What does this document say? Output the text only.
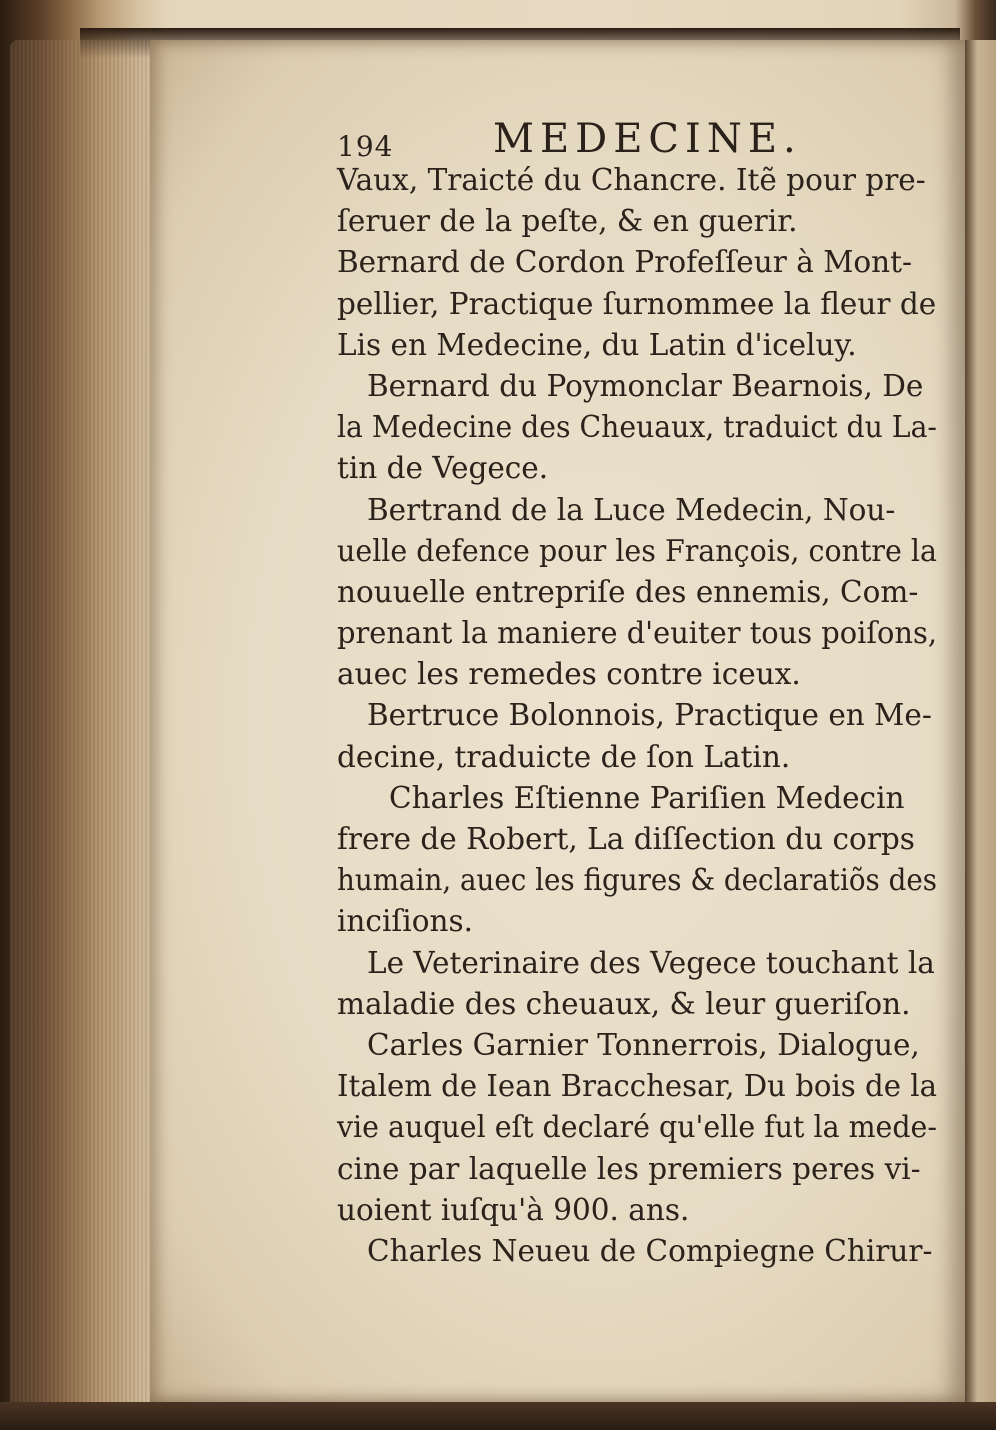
194 MEDECINE.
Vaux, Traicté du Chancre. Itẽ pour pre-
ſeruer de la peſte, & en guerir.
Bernard de Cordon Profeſſeur à Mont-
pellier, Practique ſurnommee la fleur de
Lis en Medecine, du Latin d'iceluy.
Bernard du Poymonclar Bearnois, De
la Medecine des Cheuaux, traduict du La-
tin de Vegece.
Bertrand de la Luce Medecin, Nou-
uelle defence pour les François, contre la
nouuelle entrepriſe des ennemis, Com-
prenant la maniere d'euiter tous poiſons,
auec les remedes contre iceux.
Bertruce Bolonnois, Practique en Me-
decine, traduicte de ſon Latin.
Charles Eſtienne Pariſien Medecin
frere de Robert, La diſſection du corps
humain, auec les figures & declaratiõs des
inciſions.
Le Veterinaire des Vegece touchant la
maladie des cheuaux, & leur gueriſon.
Carles Garnier Tonnerrois, Dialogue,
Italem de Iean Bracchesar, Du bois de la
vie auquel eſt declaré qu'elle fut la mede-
cine par laquelle les premiers peres vi-
uoient iuſqu'à 900. ans.
Charles Neueu de Compiegne Chirur-
